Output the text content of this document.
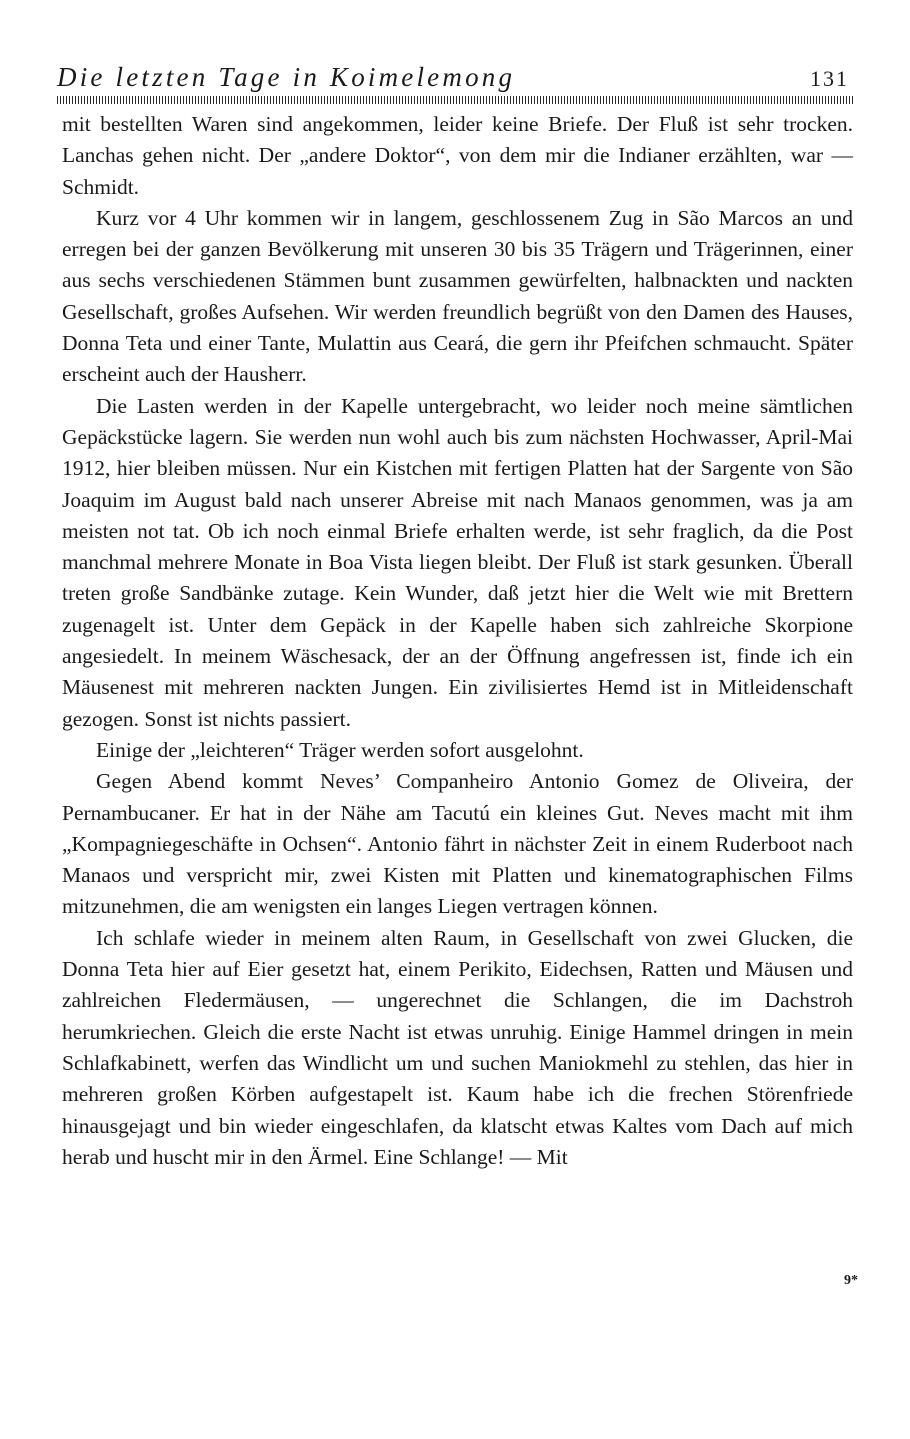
Die letzten Tage in Koimelemong	131

mit bestellten Waren sind angekommen, leider keine Briefe. Der Fluß ist sehr trocken. Lanchas gehen nicht. Der „andere Doktor“, von dem mir die Indianer erzählten, war — Schmidt.

Kurz vor 4 Uhr kommen wir in langem, geschlossenem Zug in São Marcos an und erregen bei der ganzen Bevölkerung mit unseren 30 bis 35 Trägern und Trägerinnen, einer aus sechs verschiedenen Stämmen bunt zusammen gewürfelten, halbnackten und nackten Gesellschaft, großes Aufsehen. Wir werden freundlich begrüßt von den Damen des Hauses, Donna Teta und einer Tante, Mulattin aus Ceará, die gern ihr Pfeifchen schmaucht. Später erscheint auch der Hausherr.

Die Lasten werden in der Kapelle untergebracht, wo leider noch meine sämtlichen Gepäckstücke lagern. Sie werden nun wohl auch bis zum nächsten Hochwasser, April-Mai 1912, hier bleiben müssen. Nur ein Kistchen mit fertigen Platten hat der Sargente von São Joaquim im August bald nach unserer Abreise mit nach Manaos genommen, was ja am meisten not tat. Ob ich noch einmal Briefe erhalten werde, ist sehr fraglich, da die Post manchmal mehrere Monate in Boa Vista liegen bleibt. Der Fluß ist stark gesunken. Überall treten große Sandbänke zutage. Kein Wunder, daß jetzt hier die Welt wie mit Brettern zugenagelt ist. Unter dem Gepäck in der Kapelle haben sich zahlreiche Skorpione angesiedelt. In meinem Wäschesack, der an der Öffnung angefressen ist, finde ich ein Mäusenest mit mehreren nackten Jungen. Ein zivilisiertes Hemd ist in Mitleidenschaft gezogen. Sonst ist nichts passiert.

Einige der „leichteren“ Träger werden sofort ausgelohnt.

Gegen Abend kommt Neves’ Companheiro Antonio Gomez de Oliveira, der Pernambucaner. Er hat in der Nähe am Tacutú ein kleines Gut. Neves macht mit ihm „Kompagniegeschäfte in Ochsen“. Antonio fährt in nächster Zeit in einem Ruderboot nach Manaos und verspricht mir, zwei Kisten mit Platten und kinematographischen Films mitzunehmen, die am wenigsten ein langes Liegen vertragen können.

Ich schlafe wieder in meinem alten Raum, in Gesellschaft von zwei Glucken, die Donna Teta hier auf Eier gesetzt hat, einem Perikito, Eidechsen, Ratten und Mäusen und zahlreichen Fledermäusen, — ungerechnet die Schlangen, die im Dachstroh herumkriechen. Gleich die erste Nacht ist etwas unruhig. Einige Hammel dringen in mein Schlafkabinett, werfen das Windlicht um und suchen Maniokmehl zu stehlen, das hier in mehreren großen Körben aufgestapelt ist. Kaum habe ich die frechen Störenfriede hinausgejagt und bin wieder eingeschlafen, da klatscht etwas Kaltes vom Dach auf mich herab und huscht mir in den Ärmel. Eine Schlange! — Mit

9*
